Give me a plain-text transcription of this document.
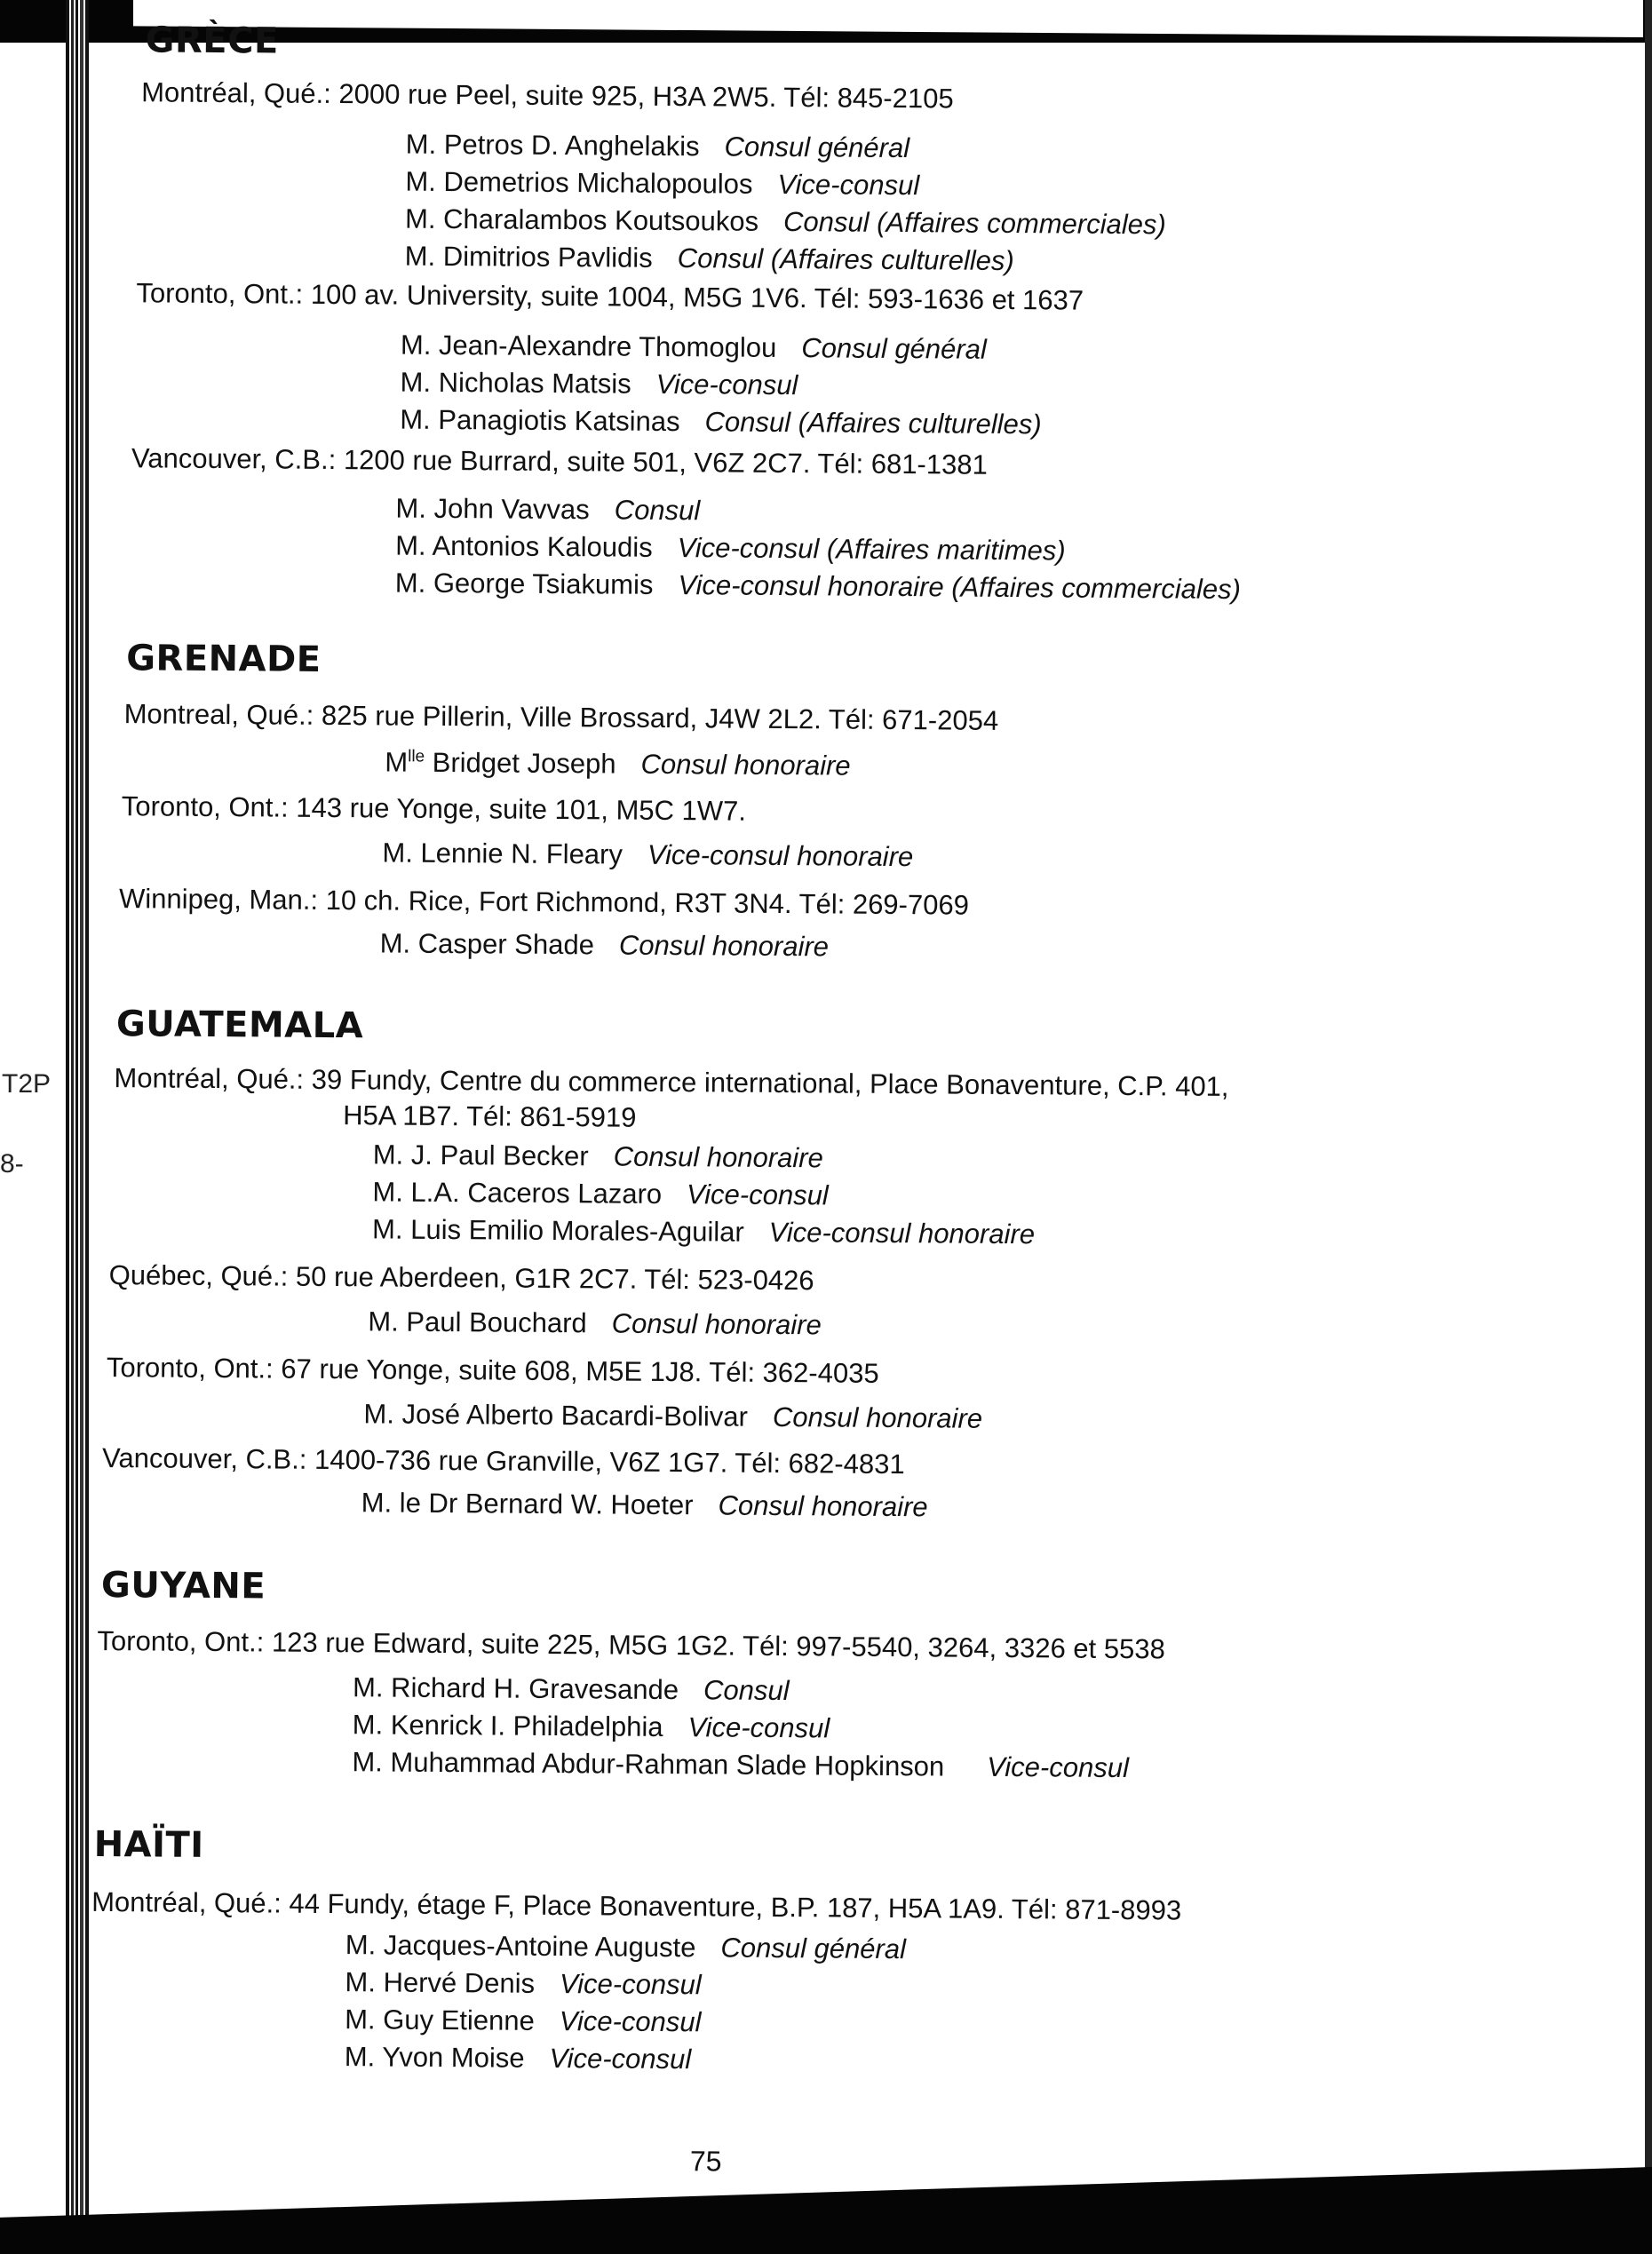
T2P
8-
GRÈCE
Montréal, Qué.: 2000 rue Peel, suite 925, H3A 2W5. Tél: 845-2105
M. Petros D. Anghelakis Consul général
M. Demetrios Michalopoulos Vice-consul
M. Charalambos Koutsoukos Consul (Affaires commerciales)
M. Dimitrios Pavlidis Consul (Affaires culturelles)
Toronto, Ont.: 100 av. University, suite 1004, M5G 1V6. Tél: 593-1636 et 1637
M. Jean-Alexandre Thomoglou Consul général
M. Nicholas Matsis Vice-consul
M. Panagiotis Katsinas Consul (Affaires culturelles)
Vancouver, C.B.: 1200 rue Burrard, suite 501, V6Z 2C7. Tél: 681-1381
M. John Vavvas Consul
M. Antonios Kaloudis Vice-consul (Affaires maritimes)
M. George Tsiakumis Vice-consul honoraire (Affaires commerciales)
GRENADE
Montreal, Qué.: 825 rue Pillerin, Ville Brossard, J4W 2L2. Tél: 671-2054
$M^{lle}$ Bridget Joseph Consul honoraire
Toronto, Ont.: 143 rue Yonge, suite 101, M5C 1W7.
M. Lennie N. Fleary Vice-consul honoraire
Winnipeg, Man.: 10 ch. Rice, Fort Richmond, R3T 3N4. Tél: 269-7069
M. Casper Shade Consul honoraire
GUATEMALA
Montréal, Qué.: 39 Fundy, Centre du commerce international, Place Bonaventure, C.P. 401,
H5A 1B7. Tél: 861-5919
M. J. Paul Becker Consul honoraire
M. L.A. Caceros Lazaro Vice-consul
M. Luis Emilio Morales-Aguilar Vice-consul honoraire
Québec, Qué.: 50 rue Aberdeen, G1R 2C7. Tél: 523-0426
M. Paul Bouchard Consul honoraire
Toronto, Ont.: 67 rue Yonge, suite 608, M5E 1J8. Tél: 362-4035
M. José Alberto Bacardi-Bolivar Consul honoraire
Vancouver, C.B.: 1400-736 rue Granville, V6Z 1G7. Tél: 682-4831
M. le Dr Bernard W. Hoeter Consul honoraire
GUYANE
Toronto, Ont.: 123 rue Edward, suite 225, M5G 1G2. Tél: 997-5540, 3264, 3326 et 5538
M. Richard H. Gravesande Consul
M. Kenrick I. Philadelphia Vice-consul
M. Muhammad Abdur-Rahman Slade Hopkinson Vice-consul
HAÏTI
Montréal, Qué.: 44 Fundy, étage F, Place Bonaventure, B.P. 187, H5A 1A9. Tél: 871-8993
M. Jacques-Antoine Auguste Consul général
M. Hervé Denis Vice-consul
M. Guy Etienne Vice-consul
M. Yvon Moise Vice-consul
75
